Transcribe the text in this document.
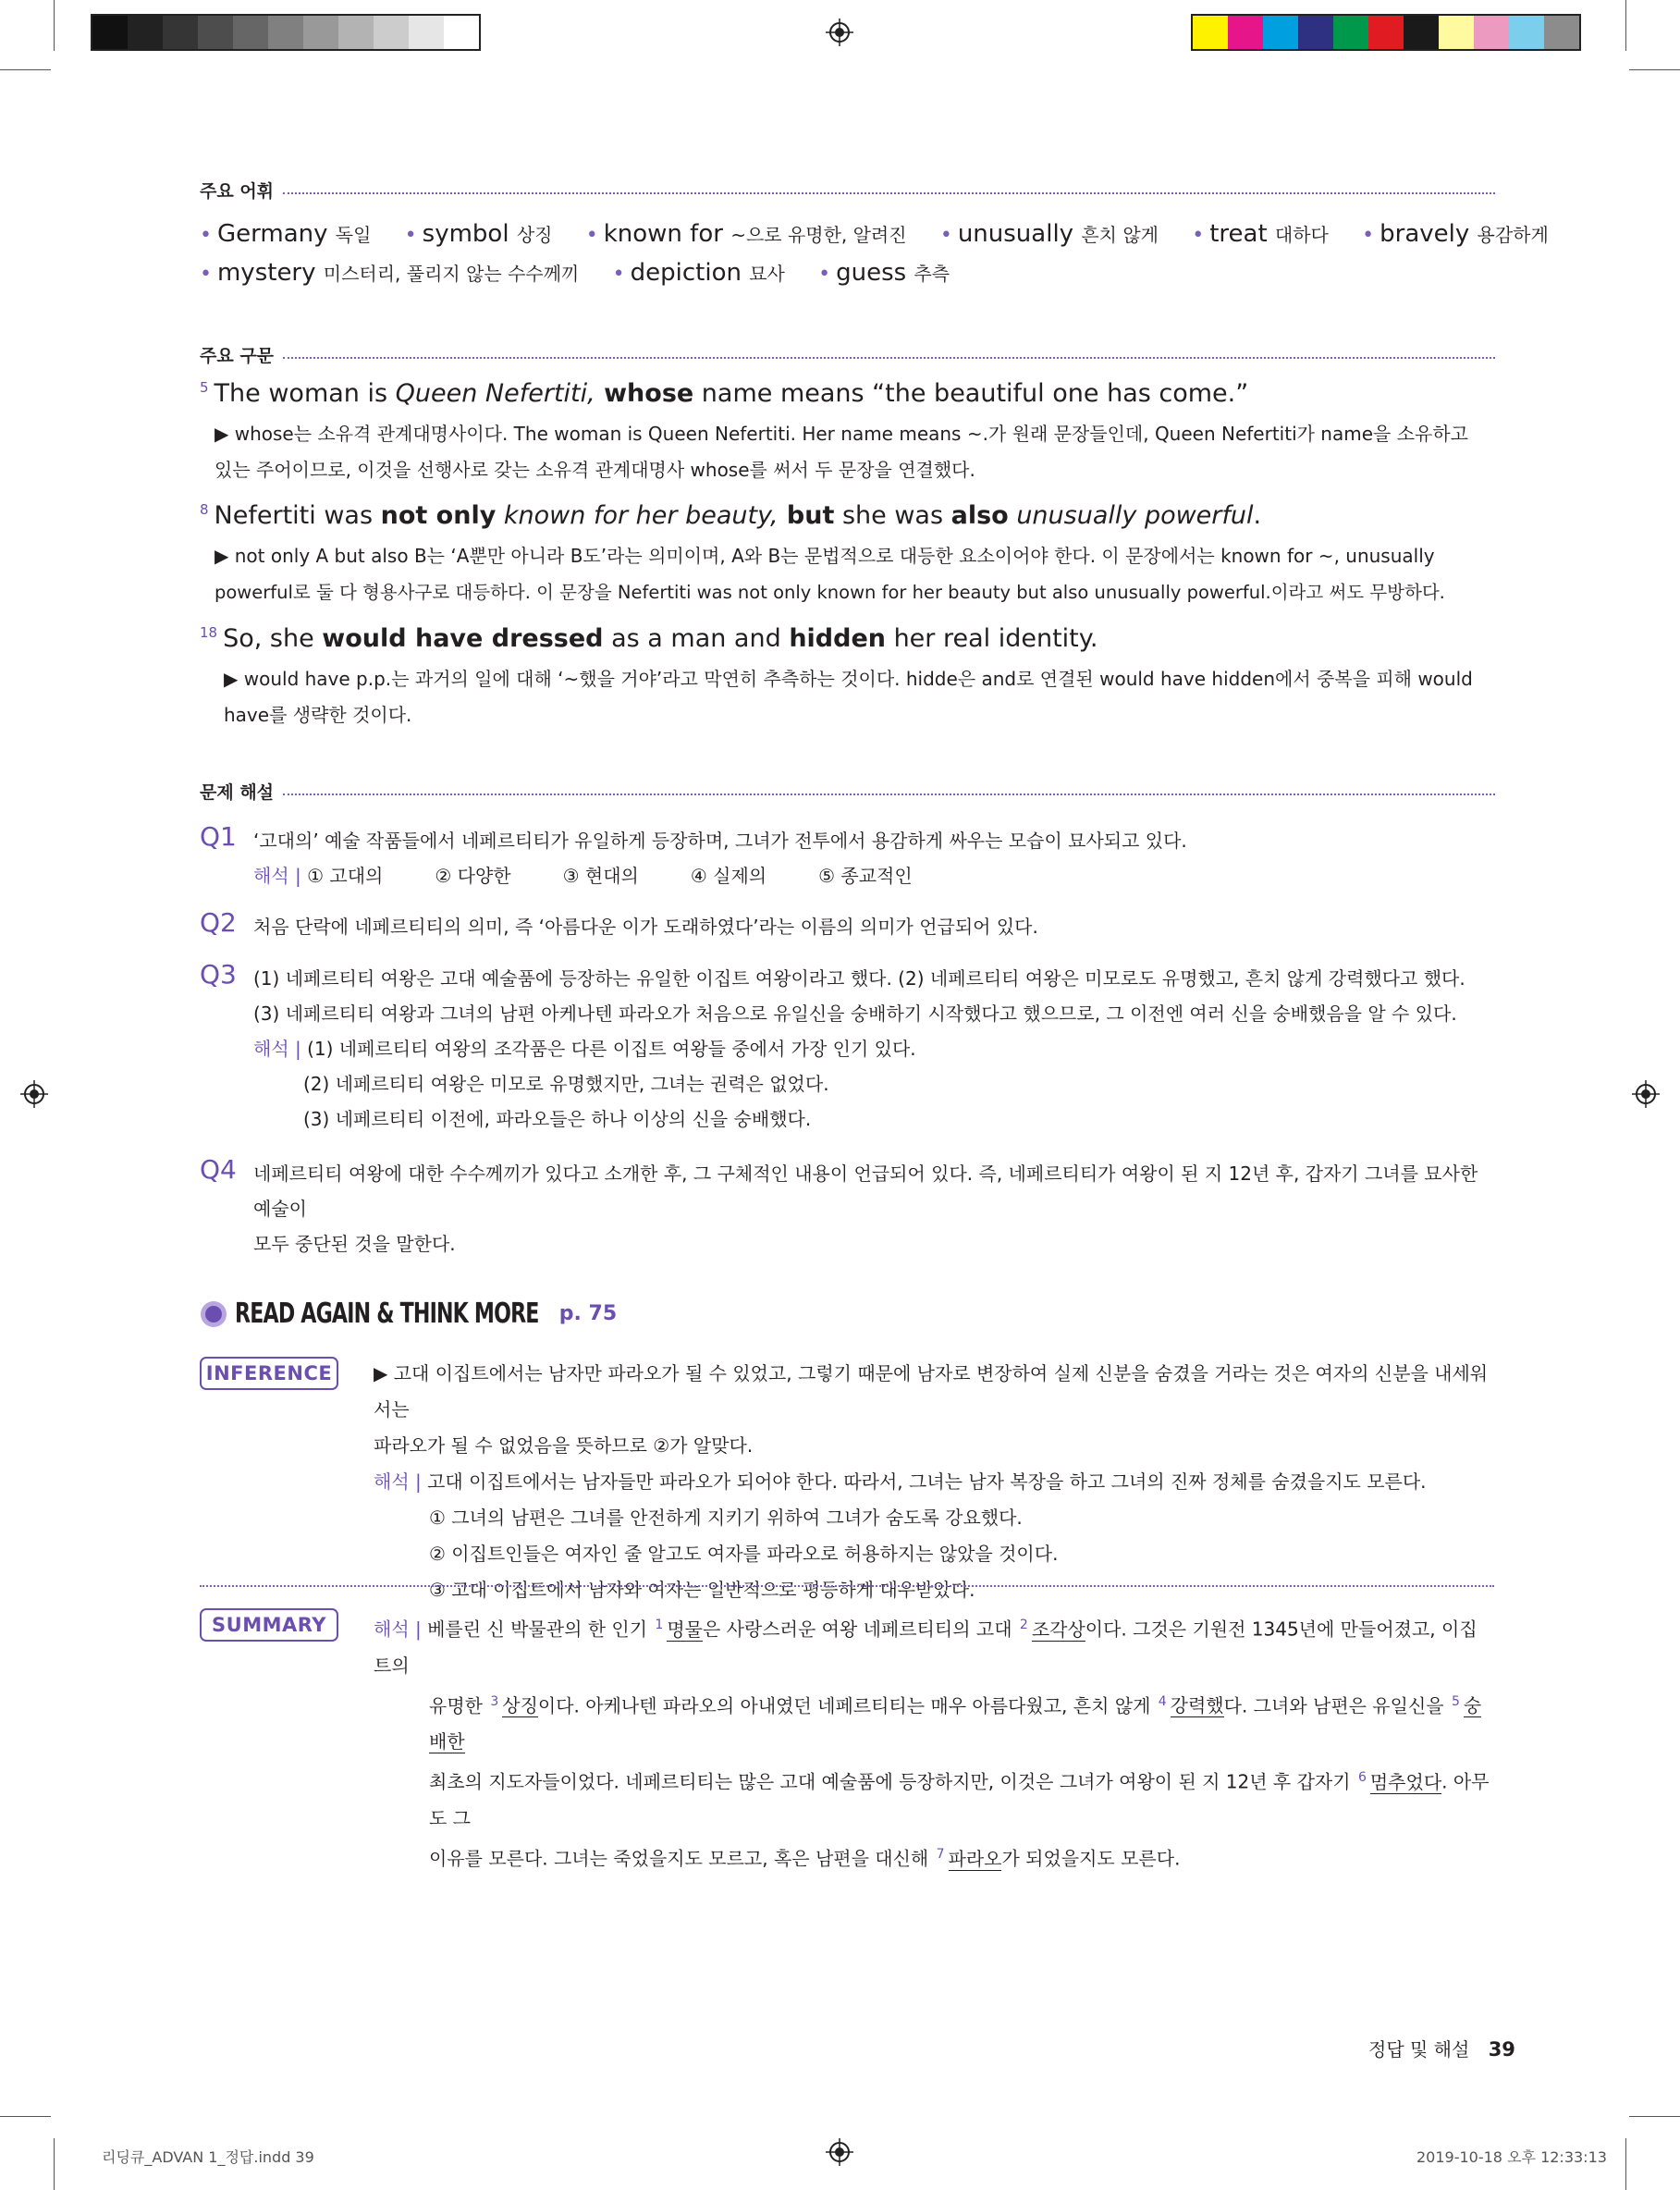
주요 어휘
• Germany 독일 • symbol 상징 • known for ~으로 유명한, 알려진 • unusually 흔치 않게 • treat 대하다 • bravely 용감하게
• mystery 미스터리, 풀리지 않는 수수께끼 • depiction 묘사 • guess 추측
주요 구문
$^5$ The woman is Queen Nefertiti, whose name means “the beautiful one has come.”
▶ whose는 소유격 관계대명사이다. The woman is Queen Nefertiti. Her name means ~.가 원래 문장들인데, Queen Nefertiti가 name을 소유하고
있는 주어이므로, 이것을 선행사로 갖는 소유격 관계대명사 whose를 써서 두 문장을 연결했다.
$^8$ Nefertiti was not only known for her beauty, but she was also unusually powerful.
▶ not only A but also B는 ‘A뿐만 아니라 B도’라는 의미이며, A와 B는 문법적으로 대등한 요소이어야 한다. 이 문장에서는 known for ~, unusually
powerful로 둘 다 형용사구로 대등하다. 이 문장을 Nefertiti was not only known for her beauty but also unusually powerful.이라고 써도 무방하다.
$^{18}$ So, she would have dressed as a man and hidden her real identity.
▶ would have p.p.는 과거의 일에 대해 ‘~했을 거야’라고 막연히 추측하는 것이다. hidde은 and로 연결된 would have hidden에서 중복을 피해 would
have를 생략한 것이다.
문제 해설
Q1 ‘고대의’ 예술 작품들에서 네페르티티가 유일하게 등장하며, 그녀가 전투에서 용감하게 싸우는 모습이 묘사되고 있다.
해석 | ① 고대의	② 다양한	③ 현대의	④ 실제의	⑤ 종교적인
Q2 처음 단락에 네페르티티의 의미, 즉 ‘아름다운 이가 도래하였다’라는 이름의 의미가 언급되어 있다.
Q3 (1) 네페르티티 여왕은 고대 예술품에 등장하는 유일한 이집트 여왕이라고 했다. (2) 네페르티티 여왕은 미모로도 유명했고, 흔치 않게 강력했다고 했다.
(3) 네페르티티 여왕과 그녀의 남편 아케나텐 파라오가 처음으로 유일신을 숭배하기 시작했다고 했으므로, 그 이전엔 여러 신을 숭배했음을 알 수 있다.
해석 | (1) 네페르티티 여왕의 조각품은 다른 이집트 여왕들 중에서 가장 인기 있다.
(2) 네페르티티 여왕은 미모로 유명했지만, 그녀는 권력은 없었다.
(3) 네페르티티 이전에, 파라오들은 하나 이상의 신을 숭배했다.
Q4 네페르티티 여왕에 대한 수수께끼가 있다고 소개한 후, 그 구체적인 내용이 언급되어 있다. 즉, 네페르티티가 여왕이 된 지 12년 후, 갑자기 그녀를 묘사한 예술이
모두 중단된 것을 말한다.
READ AGAIN & THINK MORE p. 75
INFERENCE	▶ 고대 이집트에서는 남자만 파라오가 될 수 있었고, 그렇기 때문에 남자로 변장하여 실제 신분을 숨겼을 거라는 것은 여자의 신분을 내세워서는
파라오가 될 수 없었음을 뜻하므로 ②가 알맞다.
해석 | 고대 이집트에서는 남자들만 파라오가 되어야 한다. 따라서, 그녀는 남자 복장을 하고 그녀의 진짜 정체를 숨겼을지도 모른다.
① 그녀의 남편은 그녀를 안전하게 지키기 위하여 그녀가 숨도록 강요했다.
② 이집트인들은 여자인 줄 알고도 여자를 파라오로 허용하지는 않았을 것이다.
③ 고대 이집트에서 남자와 여자는 일반적으로 평등하게 대우받았다.
SUMMARY	해석 | 베를린 신 박물관의 한 인기 $^1$ 명물은 사랑스러운 여왕 네페르티티의 고대 $^2$ 조각상이다. 그것은 기원전 1345년에 만들어졌고, 이집트의
유명한 $^3$ 상징이다. 아케나텐 파라오의 아내였던 네페르티티는 매우 아름다웠고, 흔치 않게 $^4$ 강력했다. 그녀와 남편은 유일신을 $^5$ 숭배한
최초의 지도자들이었다. 네페르티티는 많은 고대 예술품에 등장하지만, 이것은 그녀가 여왕이 된 지 12년 후 갑자기 $^6$ 멈추었다. 아무도 그
이유를 모른다. 그녀는 죽었을지도 모르고, 혹은 남편을 대신해 $^7$ 파라오가 되었을지도 모른다.
정답 및 해설 39
리딩큐_ADVAN 1_정답.indd 39	2019-10-18 오후 12:33:13
